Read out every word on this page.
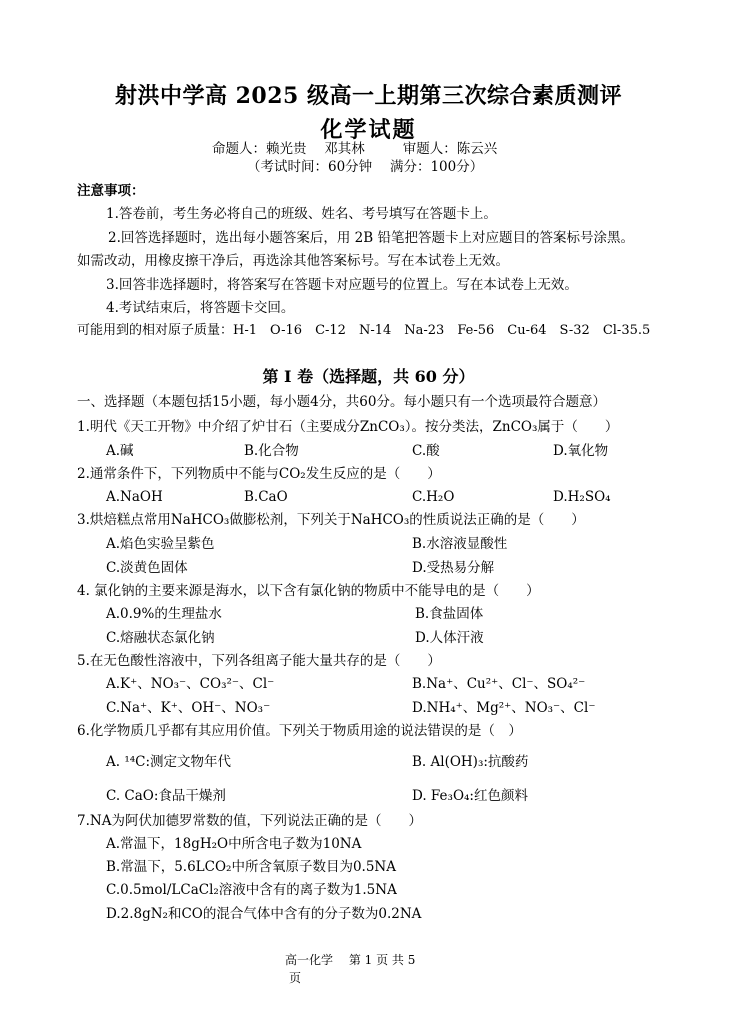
射洪中学高 2025 级高一上期第三次综合素质测评
化学试题
命题人：赖光贵　 邓其林	审题人：陈云兴
（考试时间：60分钟　 满分：100分）
注意事项：
1.答卷前，考生务必将自己的班级、姓名、考号填写在答题卡上。
2.回答选择题时，选出每小题答案后，用 2B 铅笔把答题卡上对应题目的答案标号涂黑。
如需改动，用橡皮擦干净后，再选涂其他答案标号。写在本试卷上无效。
3.回答非选择题时，将答案写在答题卡对应题号的位置上。写在本试卷上无效。
4.考试结束后，将答题卡交回。
可能用到的相对原子质量：H-1　O-16　C-12　N-14　Na-23　Fe-56　Cu-64　S-32　Cl-35.5
第 I 卷（选择题，共 60 分）
一、选择题（本题包括15小题，每小题4分，共60分。每小题只有一个选项最符合题意）
1.明代《天工开物》中介绍了炉甘石（主要成分ZnCO₃）。按分类法，ZnCO₃属于（　　）
A.碱	B.化合物	C.酸	D.氧化物
2.通常条件下，下列物质中不能与CO₂发生反应的是（　　）
A.NaOH	B.CaO	C.H₂O	D.H₂SO₄
3.烘焙糕点常用NaHCO₃做膨松剂，下列关于NaHCO₃的性质说法正确的是（　　）
A.焰色实验呈紫色	B.水溶液显酸性
C.淡黄色固体	D.受热易分解
4. 氯化钠的主要来源是海水，以下含有氯化钠的物质中不能导电的是（　　）
A.0.9%的生理盐水	B.食盐固体
C.熔融状态氯化钠	D.人体汗液
5.在无色酸性溶液中，下列各组离子能大量共存的是（　　）
A.K⁺、NO₃⁻、CO₃²⁻、Cl⁻	B.Na⁺、Cu²⁺、Cl⁻、SO₄²⁻
C.Na⁺、K⁺、OH⁻、NO₃⁻	D.NH₄⁺、Mg²⁺、NO₃⁻、Cl⁻
6.化学物质几乎都有其应用价值。下列关于物质用途的说法错误的是（　）
A. ¹⁴C:测定文物年代	B. Al(OH)₃:抗酸药
C. CaO:食品干燥剂	D. Fe₃O₄:红色颜料
7.NA为阿伏加德罗常数的值，下列说法正确的是（　　）
A.常温下，18gH₂O中所含电子数为10NA
B.常温下，5.6LCO₂中所含氧原子数目为0.5NA
C.0.5mol/LCaCl₂溶液中含有的离子数为1.5NA
D.2.8gN₂和CO的混合气体中含有的分子数为0.2NA
高一化学　 第 1 页 共 5
页
